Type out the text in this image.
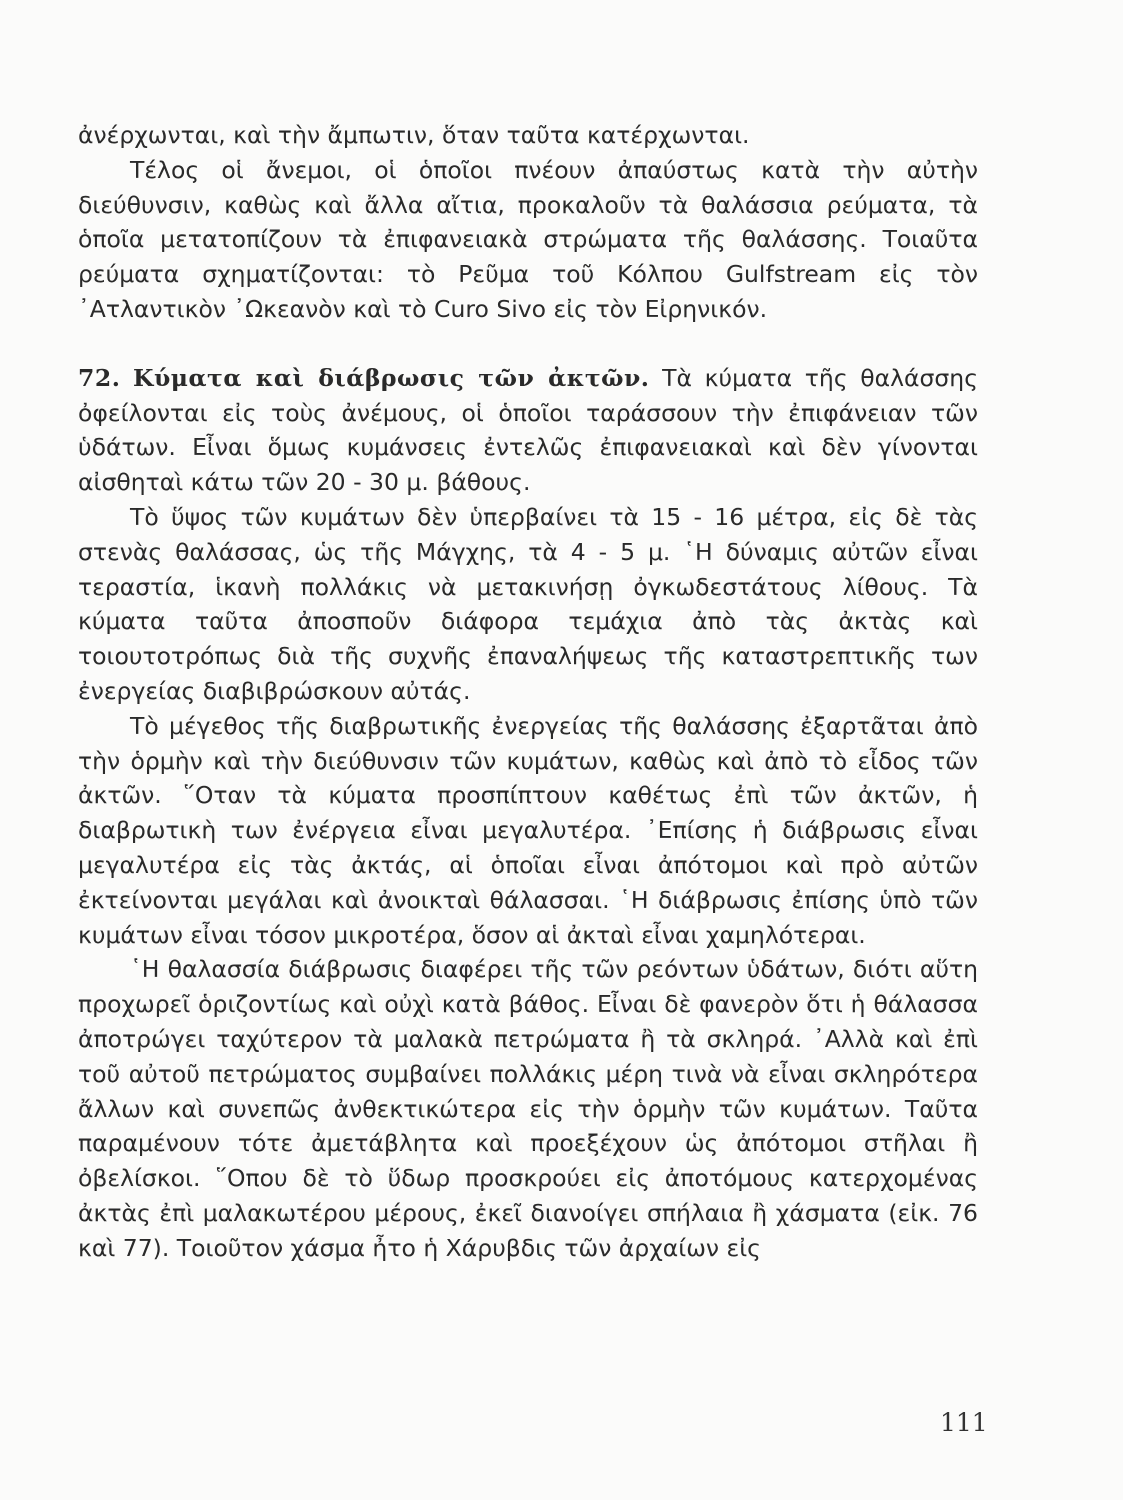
ἀνέρχωνται, καὶ τὴν ἄμπωτιν, ὅταν ταῦτα κατέρχωνται.

Τέλος οἱ ἄνεμοι, οἱ ὁποῖοι πνέουν ἀπαύστως κατὰ τὴν αὐτὴν διεύθυνσιν, καθὼς καὶ ἄλλα αἴτια, προκαλοῦν τὰ θαλάσσια ρεύματα, τὰ ὁποῖα μετατοπίζουν τὰ ἐπιφανειακὰ στρώματα τῆς θαλάσσης. Τοιαῦτα ρεύματα σχηματίζονται: τὸ Ρεῦμα τοῦ Κόλπου Gulfstream εἰς τὸν ᾿Ατλαντικὸν ᾿Ωκεανὸν καὶ τὸ Curo Sivo εἰς τὸν Εἰρηνικόν.

72. Κύματα καὶ διάβρωσις τῶν ἀκτῶν. Τὰ κύματα τῆς θαλάσσης ὀφείλονται εἰς τοὺς ἀνέμους, οἱ ὁποῖοι ταράσσουν τὴν ἐπιφάνειαν τῶν ὑδάτων. Εἶναι ὅμως κυμάνσεις ἐντελῶς ἐπιφανειακαὶ καὶ δὲν γίνονται αἰσθηταὶ κάτω τῶν 20 - 30 μ. βάθους.

Τὸ ὕψος τῶν κυμάτων δὲν ὑπερβαίνει τὰ 15 - 16 μέτρα, εἰς δὲ τὰς στενὰς θαλάσσας, ὡς τῆς Μάγχης, τὰ 4 - 5 μ. ῾Η δύναμις αὐτῶν εἶναι τεραστία, ἱκανὴ πολλάκις νὰ μετακινήσῃ ὀγκωδεστάτους λίθους. Τὰ κύματα ταῦτα ἀποσποῦν διάφορα τεμάχια ἀπὸ τὰς ἀκτὰς καὶ τοιουτοτρόπως διὰ τῆς συχνῆς ἐπαναλήψεως τῆς καταστρεπτικῆς των ἐνεργείας διαβιβρώσκουν αὐτάς.

Τὸ μέγεθος τῆς διαβρωτικῆς ἐνεργείας τῆς θαλάσσης ἐξαρτᾶται ἀπὸ τὴν ὁρμὴν καὶ τὴν διεύθυνσιν τῶν κυμάτων, καθὼς καὶ ἀπὸ τὸ εἶδος τῶν ἀκτῶν. ῞Οταν τὰ κύματα προσπίπτουν καθέτως ἐπὶ τῶν ἀκτῶν, ἡ διαβρωτικὴ των ἐνέργεια εἶναι μεγαλυτέρα. ᾿Επίσης ἡ διάβρωσις εἶναι μεγαλυτέρα εἰς τὰς ἀκτάς, αἱ ὁποῖαι εἶναι ἀπότομοι καὶ πρὸ αὐτῶν ἐκτείνονται μεγάλαι καὶ ἀνοικταὶ θάλασσαι. ῾Η διάβρωσις ἐπίσης ὑπὸ τῶν κυμάτων εἶναι τόσον μικροτέρα, ὅσον αἱ ἀκταὶ εἶναι χαμηλότεραι.

῾Η θαλασσία διάβρωσις διαφέρει τῆς τῶν ρεόντων ὑδάτων, διότι αὕτη προχωρεῖ ὁριζοντίως καὶ οὐχὶ κατὰ βάθος. Εἶναι δὲ φανερὸν ὅτι ἡ θάλασσα ἀποτρώγει ταχύτερον τὰ μαλακὰ πετρώματα ἢ τὰ σκληρά. ᾿Αλλὰ καὶ ἐπὶ τοῦ αὐτοῦ πετρώματος συμβαίνει πολλάκις μέρη τινὰ νὰ εἶναι σκληρότερα ἄλλων καὶ συνεπῶς ἀνθεκτικώτερα εἰς τὴν ὁρμὴν τῶν κυμάτων. Ταῦτα παραμένουν τότε ἀμετάβλητα καὶ προεξέχουν ὡς ἀπότομοι στῆλαι ἢ ὀβελίσκοι. ῞Οπου δὲ τὸ ὕδωρ προσκρούει εἰς ἀποτόμους κατερχομένας ἀκτὰς ἐπὶ μαλακωτέρου μέρους, ἐκεῖ διανοίγει σπήλαια ἢ χάσματα (εἰκ. 76 καὶ 77). Τοιοῦτον χάσμα ἦτο ἡ Χάρυβδις τῶν ἀρχαίων εἰς

111
